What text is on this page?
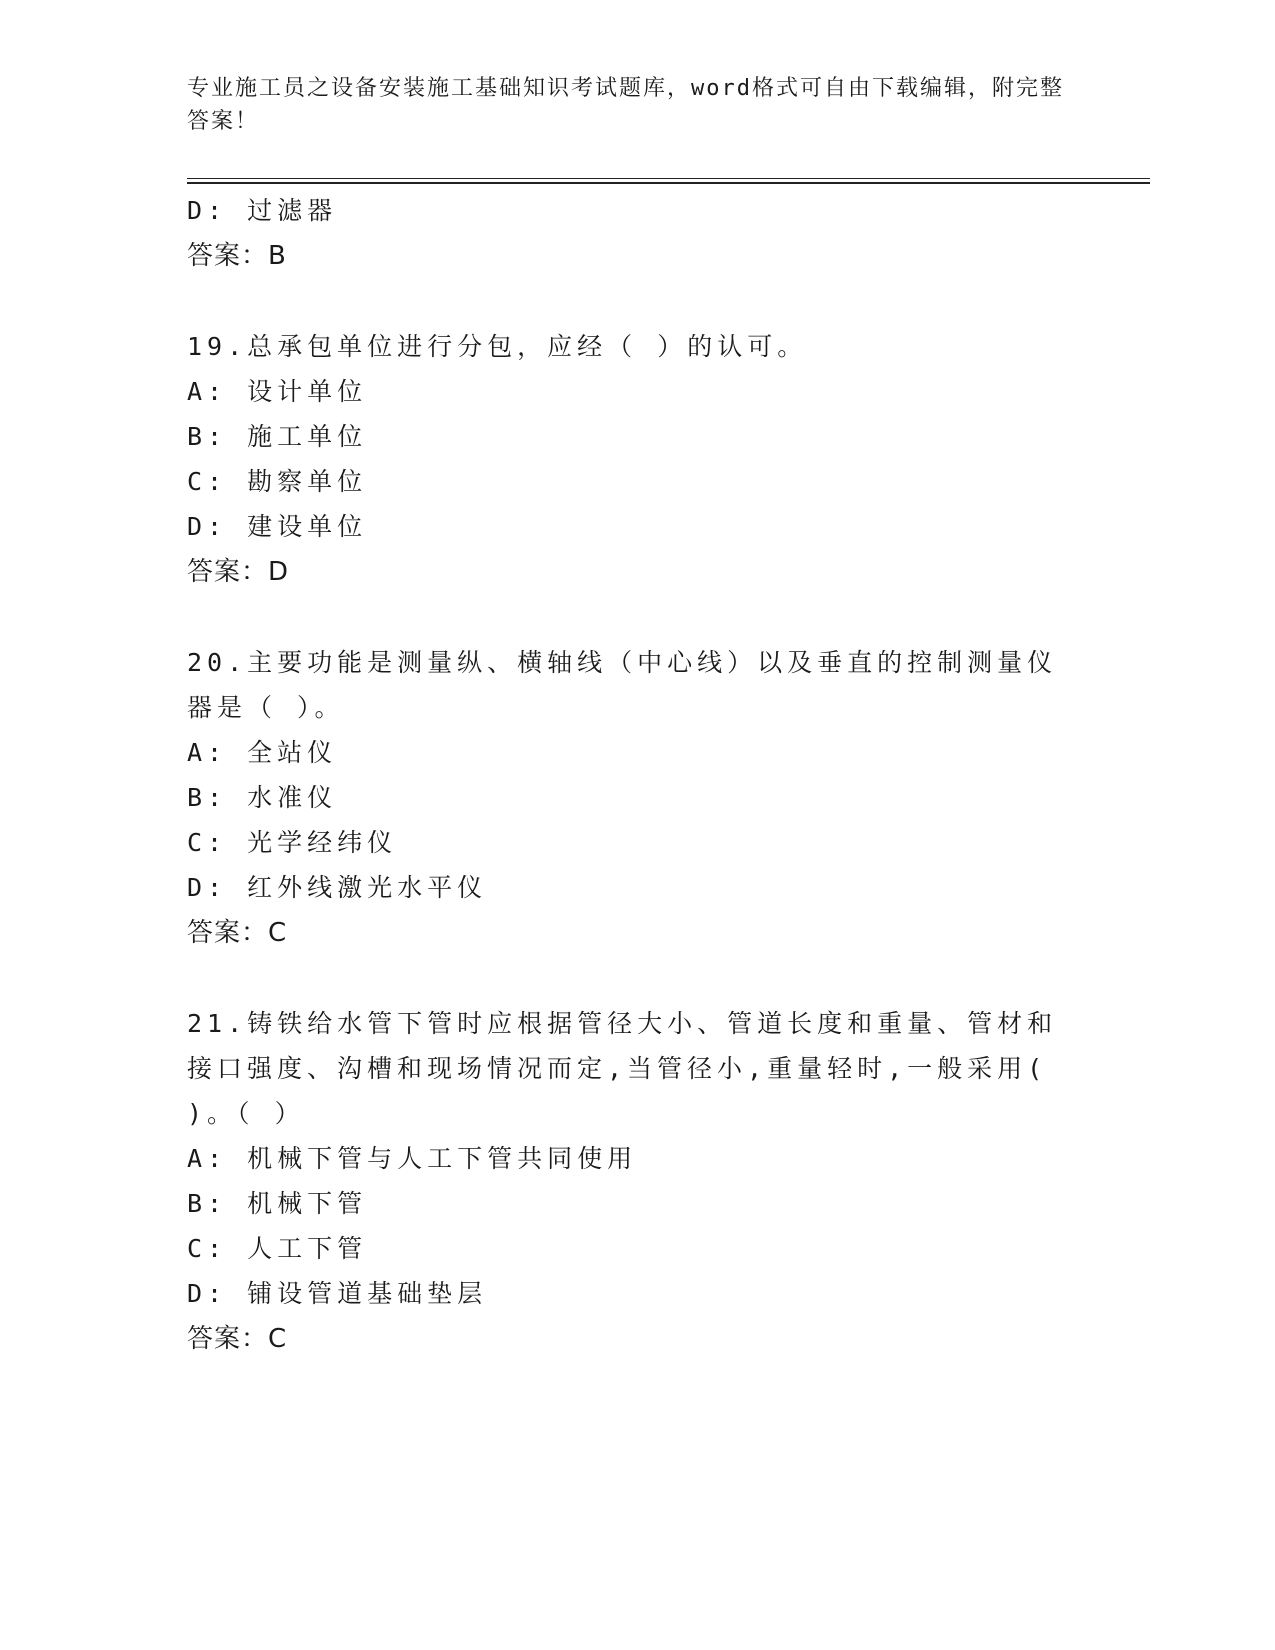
专业施工员之设备安装施工基础知识考试题库，word格式可自由下载编辑，附完整答案！
D: 过滤器
答案：B
19.总承包单位进行分包，应经（ ）的认可。
A: 设计单位
B: 施工单位
C: 勘察单位
D: 建设单位
答案：D
20.主要功能是测量纵、横轴线（中心线）以及垂直的控制测量仪器是（ ）。
A: 全站仪
B: 水准仪
C: 光学经纬仪
D: 红外线激光水平仪
答案：C
21.铸铁给水管下管时应根据管径大小、管道长度和重量、管材和接口强度、沟槽和现场情况而定,当管径小,重量轻时,一般采用( )。（ ）
A: 机械下管与人工下管共同使用
B: 机械下管
C: 人工下管
D: 铺设管道基础垫层
答案：C
